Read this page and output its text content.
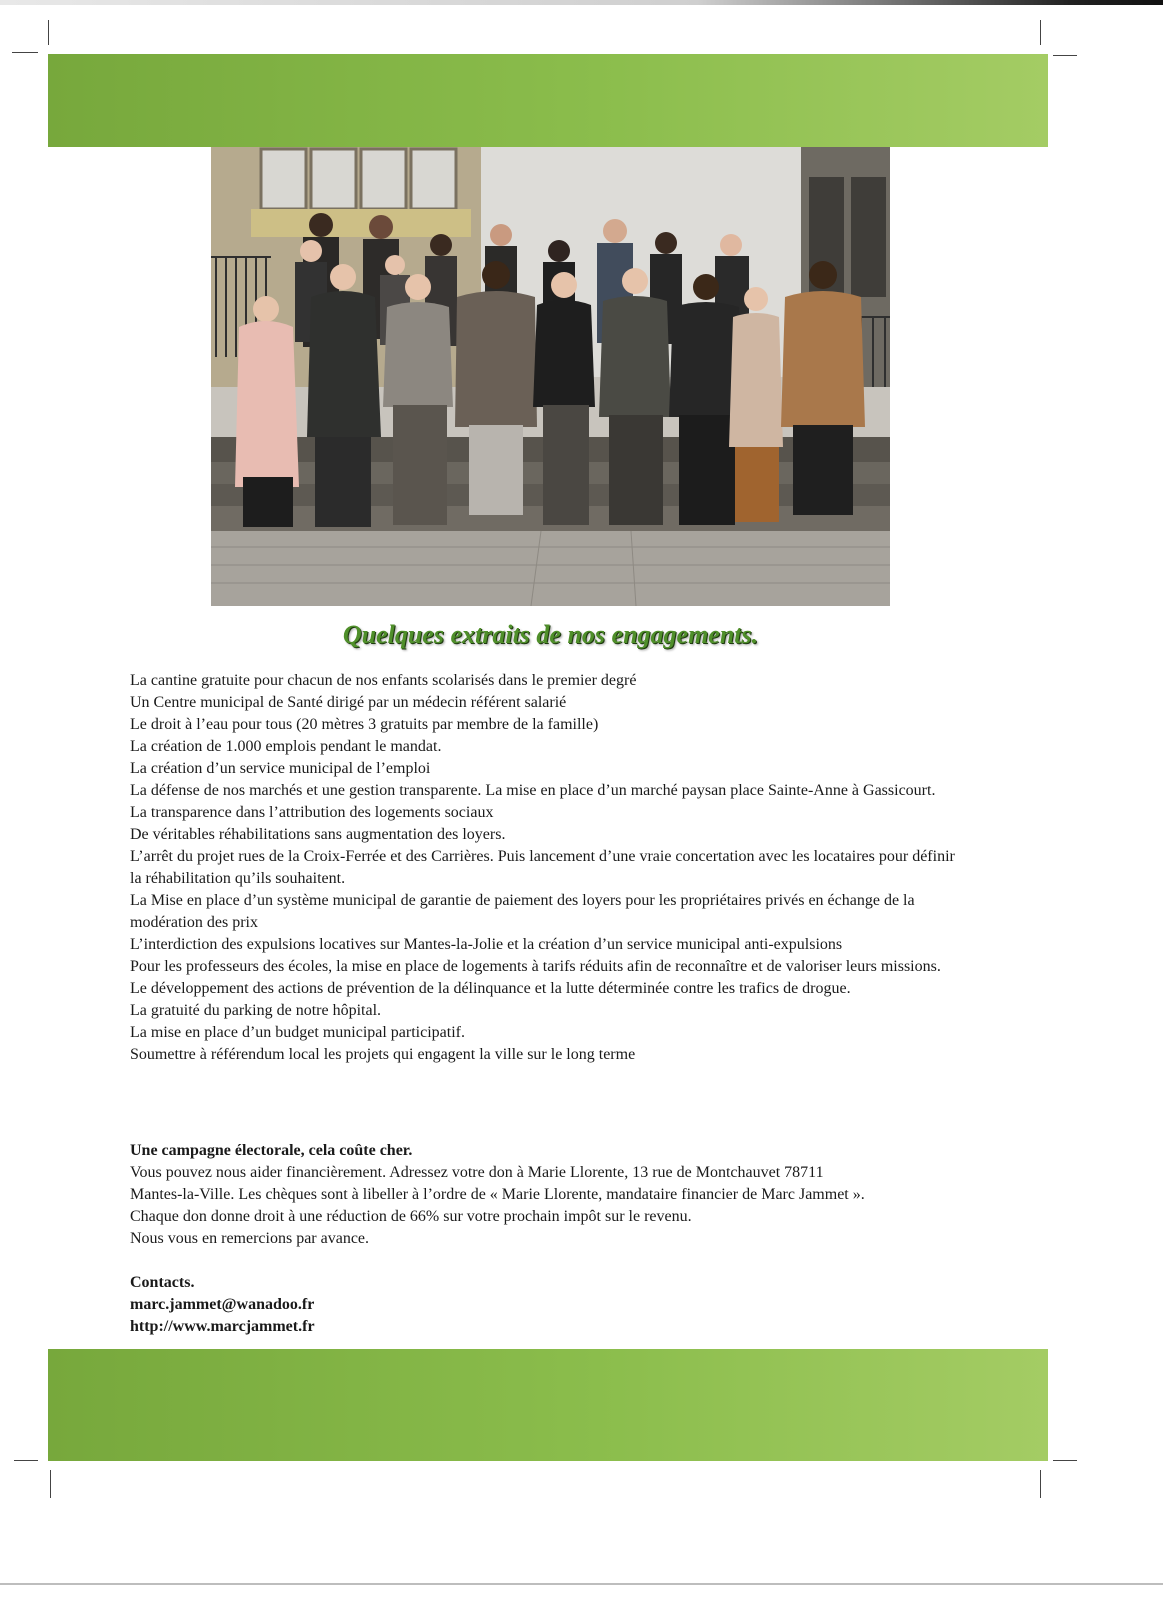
Quelques extraits de nos engagements.
La cantine gratuite pour chacun de nos enfants scolarisés dans le premier degré
Un Centre municipal de Santé dirigé par un médecin référent salarié
Le droit à l’eau pour tous (20 mètres 3 gratuits par membre de la famille)
La création de 1.000 emplois pendant le mandat.
La création d’un service municipal de l’emploi
La défense de nos marchés et une gestion transparente. La mise en place d’un marché paysan place Sainte-Anne à Gassicourt.
La transparence dans l’attribution des logements sociaux
De véritables réhabilitations sans augmentation des loyers.
L’arrêt du projet rues de la Croix-Ferrée et des Carrières. Puis lancement d’une vraie concertation avec les locataires pour définir la réhabilitation qu’ils souhaitent.
La Mise en place d’un système municipal de garantie de paiement des loyers pour les propriétaires privés en échange de la modération des prix
L’interdiction des expulsions locatives sur Mantes-la-Jolie et la création d’un service municipal anti-expulsions
Pour les professeurs des écoles, la mise en place de logements à tarifs réduits afin de reconnaître et de valoriser leurs missions.
Le développement des actions de prévention de la délinquance et la lutte déterminée contre les trafics de drogue.
La gratuité du parking de notre hôpital.
La mise en place d’un budget municipal participatif.
Soumettre à référendum local les projets qui engagent la ville sur le long terme
Une campagne électorale, cela coûte cher.
Vous pouvez nous aider financièrement. Adressez votre don à Marie Llorente, 13 rue de Montchauvet 78711
Mantes-la-Ville. Les chèques sont à libeller à l’ordre de « Marie Llorente, mandataire financier de Marc Jammet ».
Chaque don donne droit à une réduction de 66% sur votre prochain impôt sur le revenu.
Nous vous en remercions par avance.
Contacts.
marc.jammet@wanadoo.fr
http://www.marcjammet.fr
